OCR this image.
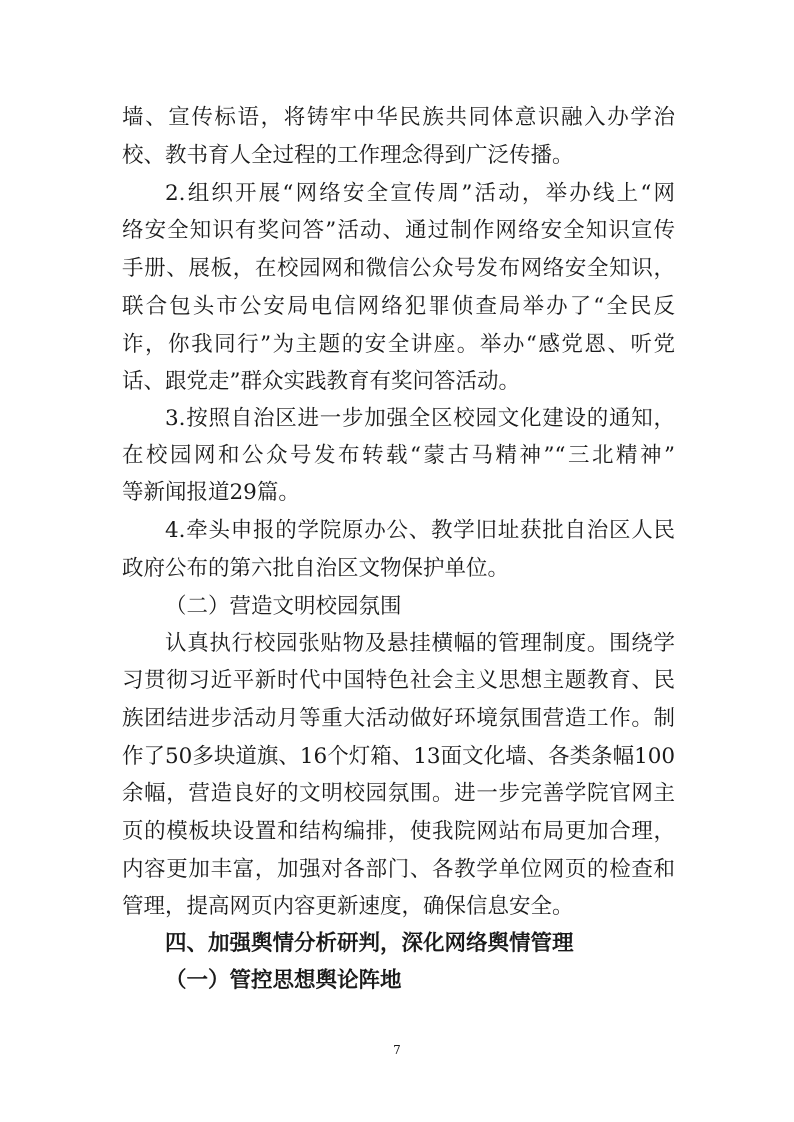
墙、宣传标语，将铸牢中华民族共同体意识融入办学治
校、教书育人全过程的工作理念得到广泛传播。
2.组织开展“网络安全宣传周”活动，举办线上“网
络安全知识有奖问答”活动、通过制作网络安全知识宣传
手册、展板，在校园网和微信公众号发布网络安全知识，
联合包头市公安局电信网络犯罪侦查局举办了“全民反
诈，你我同行”为主题的安全讲座。举办“感党恩、听党
话、跟党走”群众实践教育有奖问答活动。
3.按照自治区进一步加强全区校园文化建设的通知，
在校园网和公众号发布转载“蒙古马精神”“三北精神”
等新闻报道29篇。
4.牵头申报的学院原办公、教学旧址获批自治区人民
政府公布的第六批自治区文物保护单位。
（二）营造文明校园氛围
认真执行校园张贴物及悬挂横幅的管理制度。围绕学
习贯彻习近平新时代中国特色社会主义思想主题教育、民
族团结进步活动月等重大活动做好环境氛围营造工作。制
作了50多块道旗、16个灯箱、13面文化墙、各类条幅100
余幅，营造良好的文明校园氛围。进一步完善学院官网主
页的模板块设置和结构编排，使我院网站布局更加合理，
内容更加丰富，加强对各部门、各教学单位网页的检查和
管理，提高网页内容更新速度，确保信息安全。
四、加强舆情分析研判，深化网络舆情管理
（一）管控思想舆论阵地
7
